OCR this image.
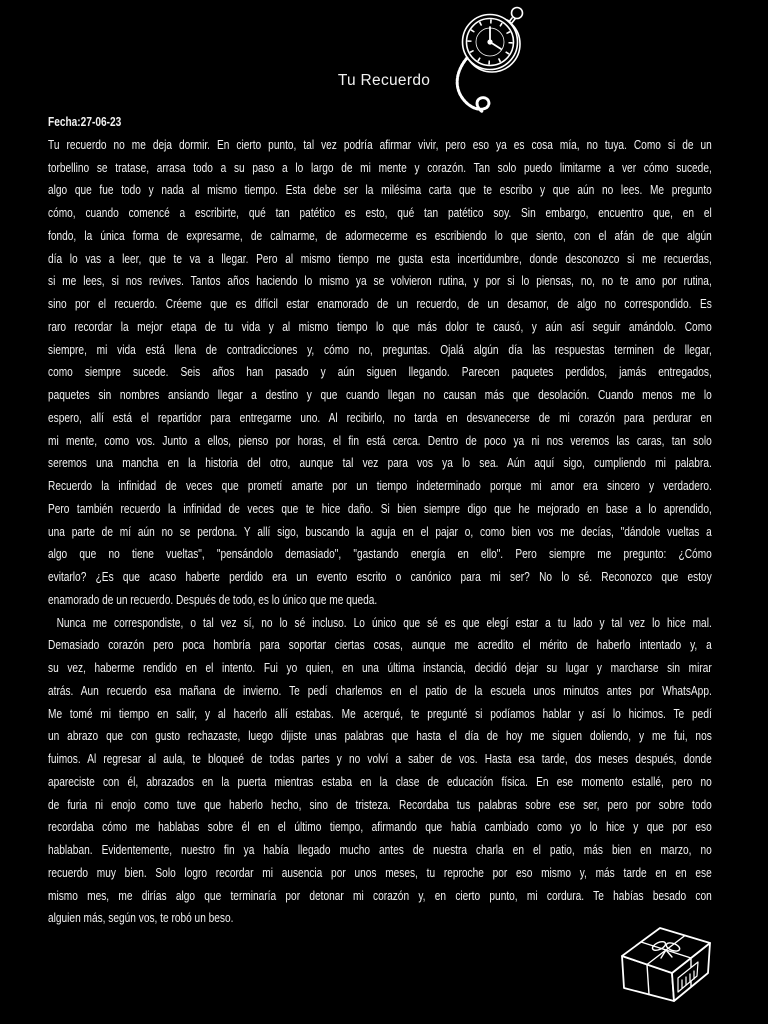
Tu Recuerdo
Fecha:27-06-23
Tu recuerdo no me deja dormir. En cierto punto, tal vez podría afirmar vivir, pero eso ya es cosa mía, no tuya. Como si de un
torbellino se tratase, arrasa todo a su paso a lo largo de mi mente y corazón. Tan solo puedo limitarme a ver cómo sucede,
algo que fue todo y nada al mismo tiempo. Esta debe ser la milésima carta que te escribo y que aún no lees. Me pregunto
cómo, cuando comencé a escribirte, qué tan patético es esto, qué tan patético soy. Sin embargo, encuentro que, en el
fondo, la única forma de expresarme, de calmarme, de adormecerme es escribiendo lo que siento, con el afán de que algún
día lo vas a leer, que te va a llegar. Pero al mismo tiempo me gusta esta incertidumbre, donde desconozco si me recuerdas,
si me lees, si nos revives. Tantos años haciendo lo mismo ya se volvieron rutina, y por si lo piensas, no, no te amo por rutina,
sino por el recuerdo. Créeme que es difícil estar enamorado de un recuerdo, de un desamor, de algo no correspondido. Es
raro recordar la mejor etapa de tu vida y al mismo tiempo lo que más dolor te causó, y aún así seguir amándolo. Como
siempre, mi vida está llena de contradicciones y, cómo no, preguntas. Ojalá algún día las respuestas terminen de llegar,
como siempre sucede. Seis años han pasado y aún siguen llegando. Parecen paquetes perdidos, jamás entregados,
paquetes sin nombres ansiando llegar a destino y que cuando llegan no causan más que desolación. Cuando menos me lo
espero, allí está el repartidor para entregarme uno. Al recibirlo, no tarda en desvanecerse de mi corazón para perdurar en
mi mente, como vos. Junto a ellos, pienso por horas, el fin está cerca. Dentro de poco ya ni nos veremos las caras, tan solo
seremos una mancha en la historia del otro, aunque tal vez para vos ya lo sea. Aún aquí sigo, cumpliendo mi palabra.
Recuerdo la infinidad de veces que prometí amarte por un tiempo indeterminado porque mi amor era sincero y verdadero.
Pero también recuerdo la infinidad de veces que te hice daño. Si bien siempre digo que he mejorado en base a lo aprendido,
una parte de mí aún no se perdona. Y allí sigo, buscando la aguja en el pajar o, como bien vos me decías, "dándole vueltas a
algo que no tiene vueltas", "pensándolo demasiado", "gastando energía en ello". Pero siempre me pregunto: ¿Cómo
evitarlo? ¿Es que acaso haberte perdido era un evento escrito o canónico para mi ser? No lo sé. Reconozco que estoy
enamorado de un recuerdo. Después de todo, es lo único que me queda.
Nunca me correspondiste, o tal vez sí, no lo sé incluso. Lo único que sé es que elegí estar a tu lado y tal vez lo hice mal.
Demasiado corazón pero poca hombría para soportar ciertas cosas, aunque me acredito el mérito de haberlo intentado y, a
su vez, haberme rendido en el intento. Fui yo quien, en una última instancia, decidió dejar su lugar y marcharse sin mirar
atrás. Aun recuerdo esa mañana de invierno. Te pedí charlemos en el patio de la escuela unos minutos antes por WhatsApp.
Me tomé mi tiempo en salir, y al hacerlo allí estabas. Me acerqué, te pregunté si podíamos hablar y así lo hicimos. Te pedí
un abrazo que con gusto rechazaste, luego dijiste unas palabras que hasta el día de hoy me siguen doliendo, y me fui, nos
fuimos. Al regresar al aula, te bloqueé de todas partes y no volví a saber de vos. Hasta esa tarde, dos meses después, donde
apareciste con él, abrazados en la puerta mientras estaba en la clase de educación física. En ese momento estallé, pero no
de furia ni enojo como tuve que haberlo hecho, sino de tristeza. Recordaba tus palabras sobre ese ser, pero por sobre todo
recordaba cómo me hablabas sobre él en el último tiempo, afirmando que había cambiado como yo lo hice y que por eso
hablaban. Evidentemente, nuestro fin ya había llegado mucho antes de nuestra charla en el patio, más bien en marzo, no
recuerdo muy bien. Solo logro recordar mi ausencia por unos meses, tu reproche por eso mismo y, más tarde en en ese
mismo mes, me dirías algo que terminaría por detonar mi corazón y, en cierto punto, mi cordura. Te habías besado con
alguien más, según vos, te robó un beso.
